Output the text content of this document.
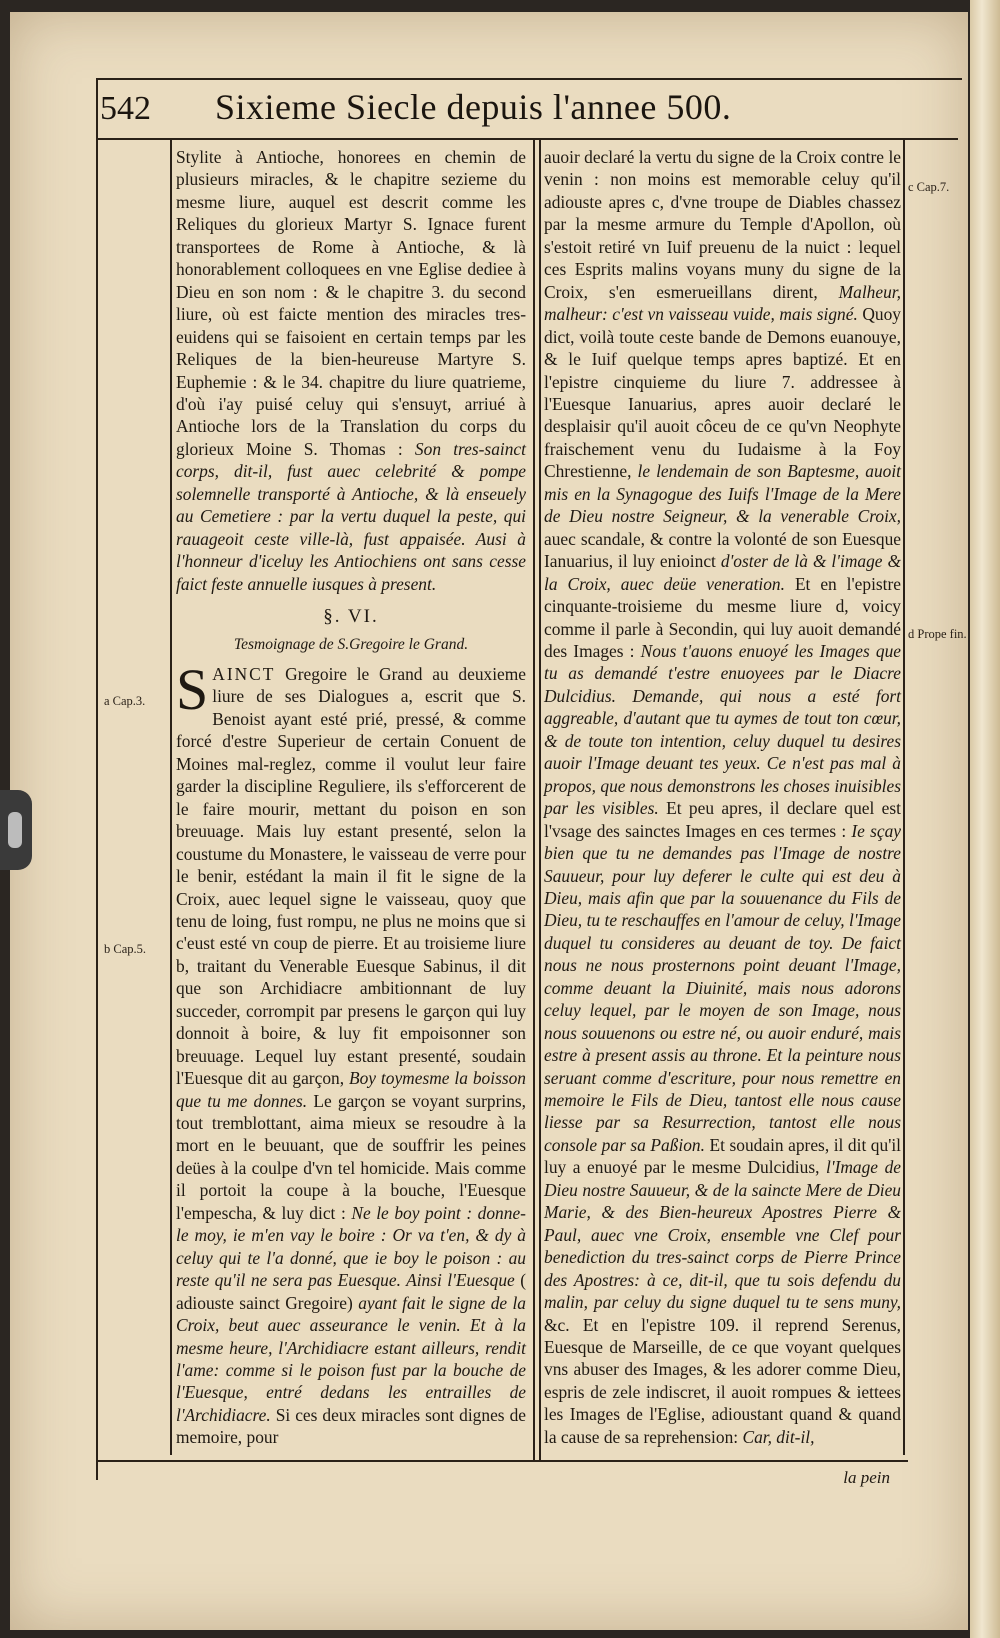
542 Sixieme Siecle depuis l'annee 500.
a Cap.3.
b Cap.5.
c Cap.7.
d Prope fin.

Stylite à Antioche, honorees en chemin de plusieurs miracles, & le chapitre sezieme du mesme liure, auquel est descrit comme les Reliques du glorieux Martyr S. Ignace furent transportees de Rome à Antioche, & là honorablement colloquees en vne Eglise dediee à Dieu en son nom : & le chapitre 3. du second liure, où est faicte mention des miracles tres-euidens qui se faisoient en certain temps par les Reliques de la bien-heureuse Martyre S. Euphemie : & le 34. chapitre du liure quatrieme, d'où i'ay puisé celuy qui s'ensuyt, arriué à Antioche lors de la Translation du corps du glorieux Moine S. Thomas : Son tres-sainct corps, dit-il, fust auec celebrité & pompe solemnelle transporté à Antioche, & là enseuely au Cemetiere : par la vertu duquel la peste, qui rauageoit ceste ville-là, fust appaisée. Ausi à l'honneur d'iceluy les Antiochiens ont sans cesse faict feste annuelle iusques à present.

§. VI.
Tesmoignage de S.Gregoire le Grand.

S AINCT Gregoire le Grand au deuxieme liure de ses Dialogues a, escrit que S. Benoist ayant esté prié, pressé, & comme forcé d'estre Superieur de certain Conuent de Moines mal-reglez, comme il voulut leur faire garder la discipline Reguliere, ils s'efforcerent de le faire mourir, mettant du poison en son breuuage. Mais luy estant presenté, selon la coustume du Monastere, le vaisseau de verre pour le benir, estédant la main il fit le signe de la Croix, auec lequel signe le vaisseau, quoy que tenu de loing, fust rompu, ne plus ne moins que si c'eust esté vn coup de pierre. Et au troisieme liure b, traitant du Venerable Euesque Sabinus, il dit que son Archidiacre ambitionnant de luy succeder, corrompit par presens le garçon qui luy donnoit à boire, & luy fit empoisonner son breuuage. Lequel luy estant presenté, soudain l'Euesque dit au garçon, Boy toymesme la boisson que tu me donnes. Le garçon se voyant surprins, tout tremblottant, aima mieux se resoudre à la mort en le beuuant, que de souffrir les peines deües à la coulpe d'vn tel homicide. Mais comme il portoit la coupe à la bouche, l'Euesque l'empescha, & luy dict : Ne le boy point : donne-le moy, ie m'en vay le boire : Or va t'en, & dy à celuy qui te l'a donné, que ie boy le poison : au reste qu'il ne sera pas Euesque. Ainsi l'Euesque ( adiouste sainct Gregoire) ayant fait le signe de la Croix, beut auec asseurance le venin. Et à la mesme heure, l'Archidiacre estant ailleurs, rendit l'ame: comme si le poison fust par la bouche de l'Euesque, entré dedans les entrailles de l'Archidiacre. Si ces deux miracles sont dignes de memoire, pour

auoir declaré la vertu du signe de la Croix contre le venin : non moins est memorable celuy qu'il adiouste apres c, d'vne troupe de Diables chassez par la mesme armure du Temple d'Apollon, où s'estoit retiré vn Iuif preuenu de la nuict : lequel ces Esprits malins voyans muny du signe de la Croix, s'en esmerueillans dirent, Malheur, malheur: c'est vn vaisseau vuide, mais signé. Quoy dict, voilà toute ceste bande de Demons euanouye, & le Iuif quelque temps apres baptizé. Et en l'epistre cinquieme du liure 7. addressee à l'Euesque Ianuarius, apres auoir declaré le desplaisir qu'il auoit côceu de ce qu'vn Neophyte fraischement venu du Iudaisme à la Foy Chrestienne, le lendemain de son Baptesme, auoit mis en la Synagogue des Iuifs l'Image de la Mere de Dieu nostre Seigneur, & la venerable Croix, auec scandale, & contre la volonté de son Euesque Ianuarius, il luy enioinct d'oster de là & l'image & la Croix, auec deüe veneration. Et en l'epistre cinquante-troisieme du mesme liure d, voicy comme il parle à Secondin, qui luy auoit demandé des Images : Nous t'auons enuoyé les Images que tu as demandé t'estre enuoyees par le Diacre Dulcidius. Demande, qui nous a esté fort aggreable, d'autant que tu aymes de tout ton cœur, & de toute ton intention, celuy duquel tu desires auoir l'Image deuant tes yeux. Ce n'est pas mal à propos, que nous demonstrons les choses inuisibles par les visibles. Et peu apres, il declare quel est l'vsage des sainctes Images en ces termes : Ie sçay bien que tu ne demandes pas l'Image de nostre Sauueur, pour luy deferer le culte qui est deu à Dieu, mais afin que par la souuenance du Fils de Dieu, tu te reschauffes en l'amour de celuy, l'Image duquel tu consideres au deuant de toy. De faict nous ne nous prosternons point deuant l'Image, comme deuant la Diuinité, mais nous adorons celuy lequel, par le moyen de son Image, nous nous souuenons ou estre né, ou auoir enduré, mais estre à present assis au throne. Et la peinture nous seruant comme d'escriture, pour nous remettre en memoire le Fils de Dieu, tantost elle nous cause liesse par sa Resurrection, tantost elle nous console par sa Paßion. Et soudain apres, il dit qu'il luy a enuoyé par le mesme Dulcidius, l'Image de Dieu nostre Sauueur, & de la saincte Mere de Dieu Marie, & des Bien-heureux Apostres Pierre & Paul, auec vne Croix, ensemble vne Clef pour benediction du tres-sainct corps de Pierre Prince des Apostres: à ce, dit-il, que tu sois defendu du malin, par celuy du signe duquel tu te sens muny, &c. Et en l'epistre 109. il reprend Serenus, Euesque de Marseille, de ce que voyant quelques vns abuser des Images, & les adorer comme Dieu, espris de zele indiscret, il auoit rompues & iettees les Images de l'Eglise, adioustant quand & quand la cause de sa reprehension: Car, dit-il,

la pein
